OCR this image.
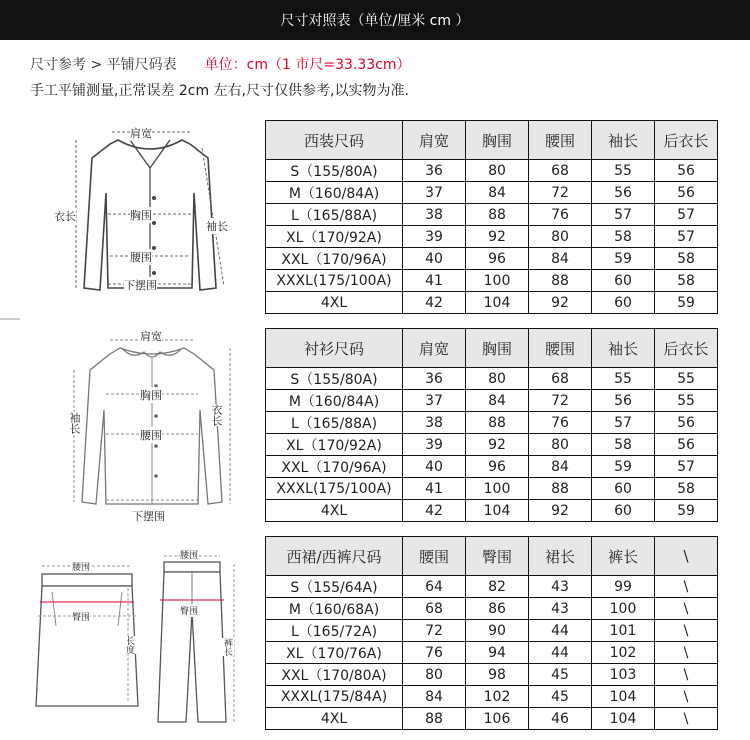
尺寸对照表（单位/厘米 cm ）
尺寸参考 > 平铺尺码表 单位：cm（1 市尺=33.33cm）
手工平铺测量,正常误差 2cm 左右,尺寸仅供参考,以实物为准.
肩宽
胸围
腰围
下摆围
衣长
袖长
肩宽
胸围
腰围
下摆围
袖长	衣长
腰围
臀围
长度
腰围
臀围
裤长
西装尺码	肩宽	胸围	腰围	袖长	后衣长
S（155/80A)	36	80	68	55	56
M（160/84A)	37	84	72	56	56
L（165/88A)	38	88	76	57	57
XL（170/92A)	39	92	80	58	57
XXL（170/96A)	40	96	84	59	58
XXXL(175/100A)	41	100	88	60	58
4XL	42	104	92	60	59
衬衫尺码	肩宽	胸围	腰围	袖长	后衣长
S（155/80A)	36	80	68	55	55
M（160/84A)	37	84	72	56	55
L（165/88A)	38	88	76	57	56
XL（170/92A)	39	92	80	58	56
XXL（170/96A)	40	96	84	59	57
XXXL(175/100A)	41	100	88	60	58
4XL	42	104	92	60	59
西裙/西裤尺码	腰围	臀围	裙长	裤长	\
S（155/64A)	64	82	43	99	\
M（160/68A)	68	86	43	100	\
L（165/72A)	72	90	44	101	\
XL（170/76A)	76	94	44	102	\
XXL（170/80A)	80	98	45	103	\
XXXL(175/84A)	84	102	45	104	\
4XL	88	106	46	104	\
